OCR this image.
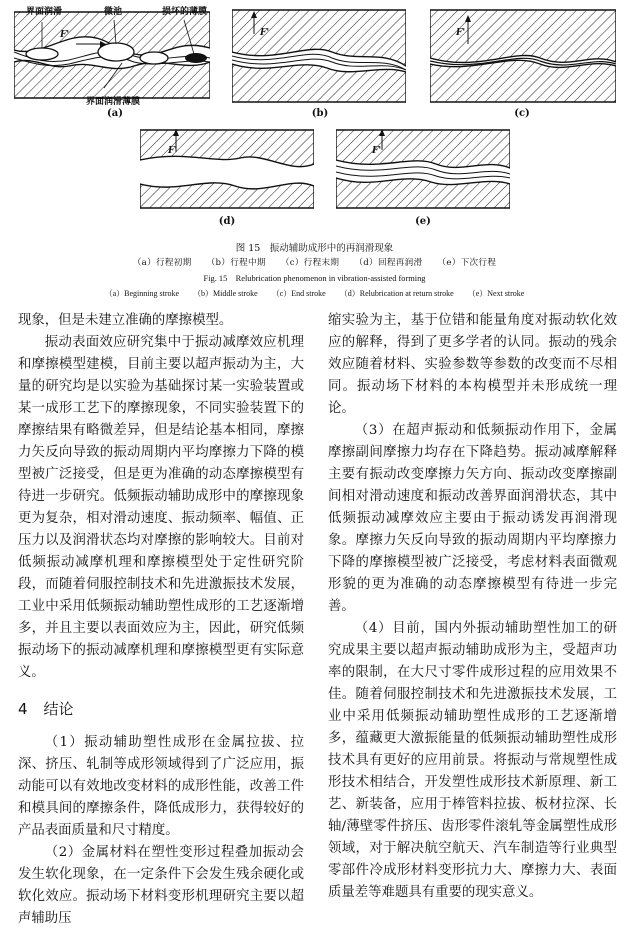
界面润滑	微池	损坏的薄膜
F'
界面润滑薄膜
(a)
F'
(b)
F'
(c)
F'
(d)
F'
(e)
图 15　振动辅助成形中的再润滑现象
（a）行程初期 （b）行程中期 （c）行程末期 （d）回程再润滑 （e）下次行程
Fig. 15　Relubrication phenomenon in vibration-assisted forming
（a）Beginning stroke （b）Middle stroke （c）End stroke （d）Relubrication at return stroke （e）Next stroke

现象，但是未建立准确的摩擦模型。

振动表面效应研究集中于振动减摩效应机理和摩擦模型建模，目前主要以超声振动为主，大量的研究均是以实验为基础探讨某一实验装置或某一成形工艺下的摩擦现象，不同实验装置下的摩擦结果有略微差异，但是结论基本相同，摩擦力矢反向导致的振动周期内平均摩擦力下降的模型被广泛接受，但是更为准确的动态摩擦模型有待进一步研究。低频振动辅助成形中的摩擦现象更为复杂，相对滑动速度、振动频率、幅值、正压力以及润滑状态均对摩擦的影响较大。目前对低频振动减摩机理和摩擦模型处于定性研究阶段，而随着伺服控制技术和先进激振技术发展，工业中采用低频振动辅助塑性成形的工艺逐渐增多，并且主要以表面效应为主，因此，研究低频振动场下的振动减摩机理和摩擦模型更有实际意义。

4 结论

（1）振动辅助塑性成形在金属拉拔、拉深、挤压、轧制等成形领域得到了广泛应用，振动能可以有效地改变材料的成形性能，改善工件和模具间的摩擦条件，降低成形力，获得较好的产品表面质量和尺寸精度。

（2）金属材料在塑性变形过程叠加振动会发生软化现象，在一定条件下会发生残余硬化或软化效应。振动场下材料变形机理研究主要以超声辅助压

缩实验为主，基于位错和能量角度对振动软化效应的解释，得到了更多学者的认同。振动的残余效应随着材料、实验参数等参数的改变而不尽相同。振动场下材料的本构模型并未形成统一理论。

（3）在超声振动和低频振动作用下，金属摩擦副间摩擦力均存在下降趋势。振动减摩解释主要有振动改变摩擦力矢方向、振动改变摩擦副间相对滑动速度和振动改善界面润滑状态，其中低频振动减摩效应主要由于振动诱发再润滑现象。摩擦力矢反向导致的振动周期内平均摩擦力下降的摩擦模型被广泛接受，考虑材料表面微观形貌的更为准确的动态摩擦模型有待进一步完善。

（4）目前，国内外振动辅助塑性加工的研究成果主要以超声振动辅助成形为主，受超声功率的限制，在大尺寸零件成形过程的应用效果不佳。随着伺服控制技术和先进激振技术发展，工业中采用低频振动辅助塑性成形的工艺逐渐增多，蕴藏更大激振能量的低频振动辅助塑性成形技术具有更好的应用前景。将振动与常规塑性成形技术相结合，开发塑性成形技术新原理、新工艺、新装备，应用于棒管料拉拔、板材拉深、长轴/薄壁零件挤压、齿形零件滚轧等金属塑性成形领域，对于解决航空航天、汽车制造等行业典型零部件冷成形材料变形抗力大、摩擦力大、表面质量差等难题具有重要的现实意义。
